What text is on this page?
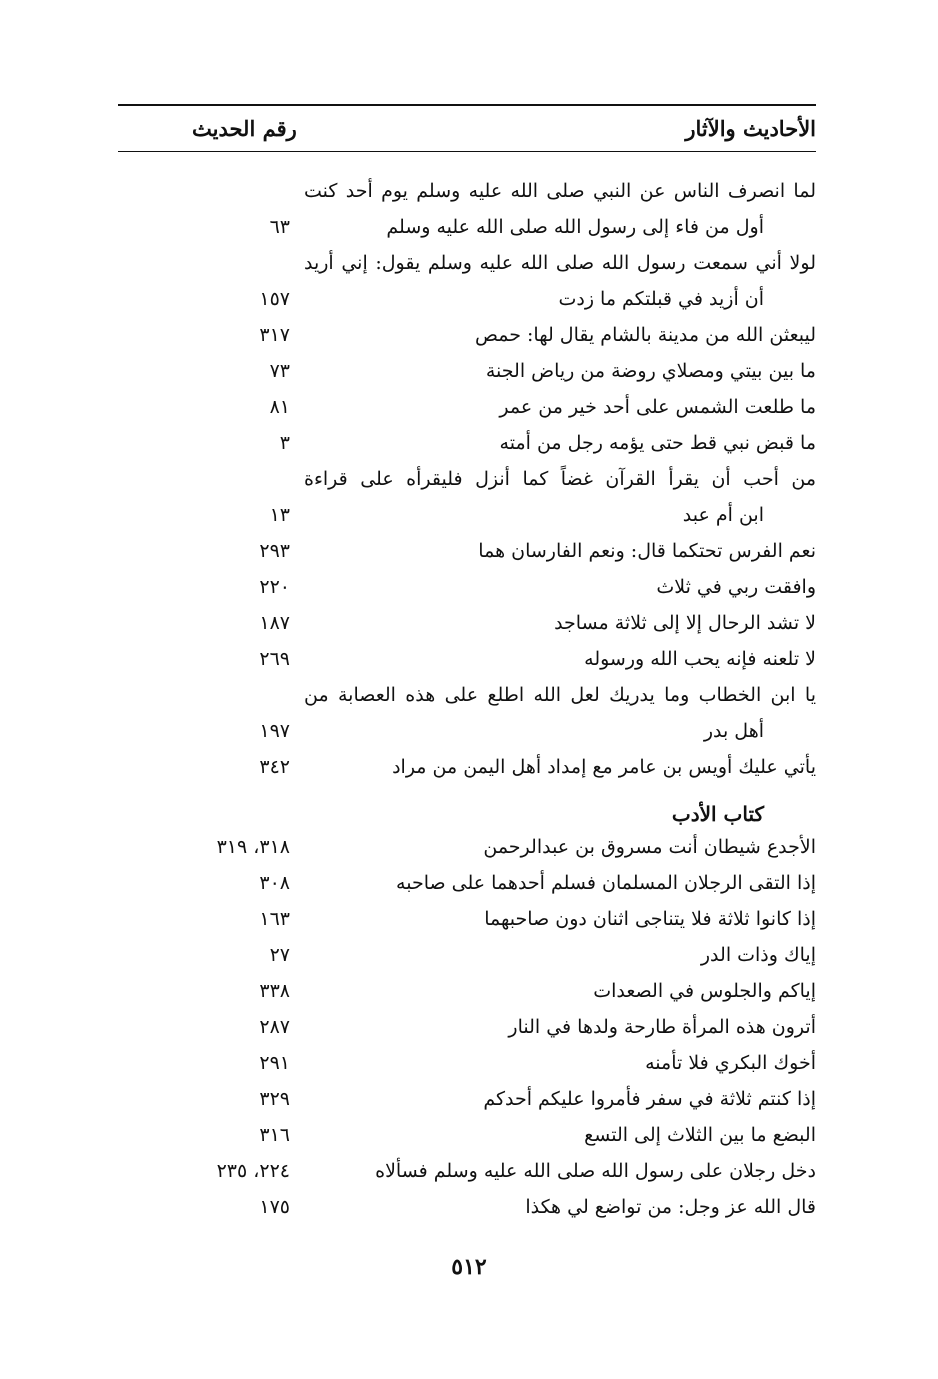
الأحاديث والآثار
رقم الحديث
لما انصرف الناس عن النبي صلى الله عليه وسلم يوم أحد كنت
أول من فاء إلى رسول الله صلى الله عليه وسلم
٦٣
لولا أني سمعت رسول الله صلى الله عليه وسلم يقول: إني أريد
أن أزيد في قبلتكم ما زدت
١٥٧
ليبعثن الله من مدينة بالشام يقال لها: حمص
٣١٧
ما بين بيتي ومصلاي روضة من رياض الجنة
٧٣
ما طلعت الشمس على أحد خير من عمر
٨١
ما قبض نبي قط حتى يؤمه رجل من أمته
٣
من أحب أن يقرأ القرآن غضاً كما أنزل فليقرأه على قراءة
ابن أم عبد
١٣
نعم الفرس تحتكما قال: ونعم الفارسان هما
٢٩٣
وافقت ربي في ثلاث
٢٢٠
لا تشد الرحال إلا إلى ثلاثة مساجد
١٨٧
لا تلعنه فإنه يحب الله ورسوله
٢٦٩
يا ابن الخطاب وما يدريك لعل الله اطلع على هذه العصابة من
أهل بدر
١٩٧
يأتي عليك أويس بن عامر مع إمداد أهل اليمن من مراد
٣٤٢
كتاب الأدب
الأجدع شيطان أنت مسروق بن عبدالرحمن
٣١٨، ٣١٩
إذا التقى الرجلان المسلمان فسلم أحدهما على صاحبه
٣٠٨
إذا كانوا ثلاثة فلا يتناجى اثنان دون صاحبهما
١٦٣
إياك وذات الدر
٢٧
إياكم والجلوس في الصعدات
٣٣٨
أترون هذه المرأة طارحة ولدها في النار
٢٨٧
أخوك البكري فلا تأمنه
٢٩١
إذا كنتم ثلاثة في سفر فأمروا عليكم أحدكم
٣٢٩
البضع ما بين الثلاث إلى التسع
٣١٦
دخل رجلان على رسول الله صلى الله عليه وسلم فسألاه
٢٢٤، ٢٣٥
قال الله عز وجل: من تواضع لي هكذا
١٧٥
٥١٢
